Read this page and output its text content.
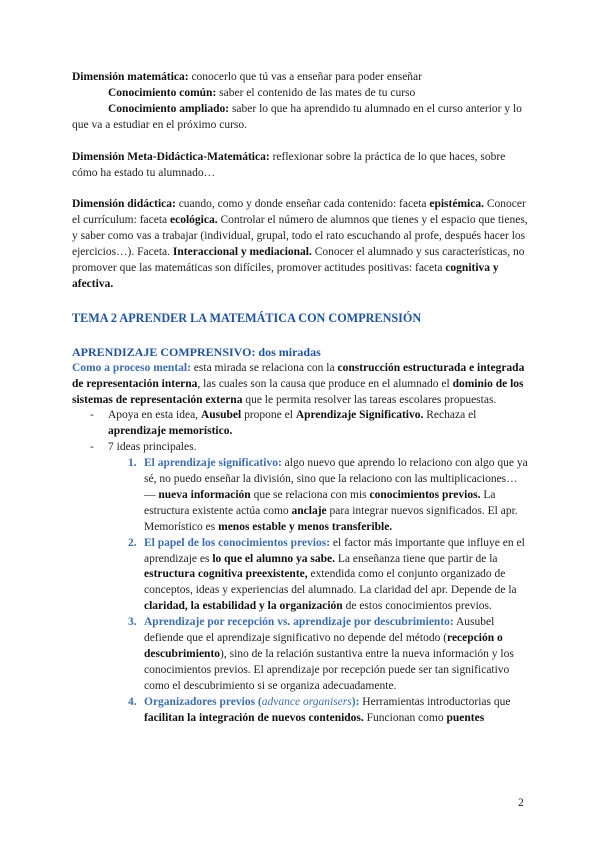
Dimensión matemática: conocerlo que tú vas a enseñar para poder enseñar

Conocimiento común: saber el contenido de las mates de tu curso

Conocimiento ampliado: saber lo que ha aprendido tu alumnado en el curso anterior y lo que va a estudiar en el próximo curso.

Dimensión Meta-Didáctica-Matemática: reflexionar sobre la práctica de lo que haces, sobre cómo ha estado tu alumnado…

Dimensión didáctica: cuando, como y donde enseñar cada contenido: faceta epistémica. Conocer el currículum: faceta ecológica. Controlar el número de alumnos que tienes y el espacio que tienes, y saber como vas a trabajar (individual, grupal, todo el rato escuchando al profe, después hacer los ejercicios…). Faceta. Interaccional y mediacional. Conocer el alumnado y sus características, no promover que las matemáticas son difíciles, promover actitudes positivas: faceta cognitiva y afectiva.

TEMA 2 APRENDER LA MATEMÁTICA CON COMPRENSIÓN

APRENDIZAJE COMPRENSIVO: dos miradas

Como a proceso mental: esta mirada se relaciona con la construcción estructurada e integrada de representación interna, las cuales son la causa que produce en el alumnado el dominio de los sistemas de representación externa que le permita resolver las tareas escolares propuestas.

- Apoya en esta idea, Ausubel propone el Aprendizaje Significativo. Rechaza el aprendizaje memorístico.

- 7 ideas principales.

1. El aprendizaje significativo: algo nuevo que aprendo lo relaciono con algo que ya sé, no puedo enseñar la división, sino que la relaciono con las multiplicaciones… — nueva información que se relaciona con mis conocimientos previos. La estructura existente actúa como anclaje para integrar nuevos significados. El apr. Memorístico es menos estable y menos transferible.

2. El papel de los conocimientos previos: el factor más importante que influye en el aprendizaje es lo que el alumno ya sabe. La enseñanza tiene que partir de la estructura cognitiva preexistente, extendida como el conjunto organizado de conceptos, ideas y experiencias del alumnado. La claridad del apr. Depende de la claridad, la estabilidad y la organización de estos conocimientos previos.

3. Aprendizaje por recepción vs. aprendizaje por descubrimiento: Ausubel defiende que el aprendizaje significativo no depende del método (recepción o descubrimiento), sino de la relación sustantiva entre la nueva información y los conocimientos previos. El aprendizaje por recepción puede ser tan significativo como el descubrimiento si se organiza adecuadamente.

4. Organizadores previos (advance organisers): Herramientas introductorias que facilitan la integración de nuevos contenidos. Funcionan como puentes

2
